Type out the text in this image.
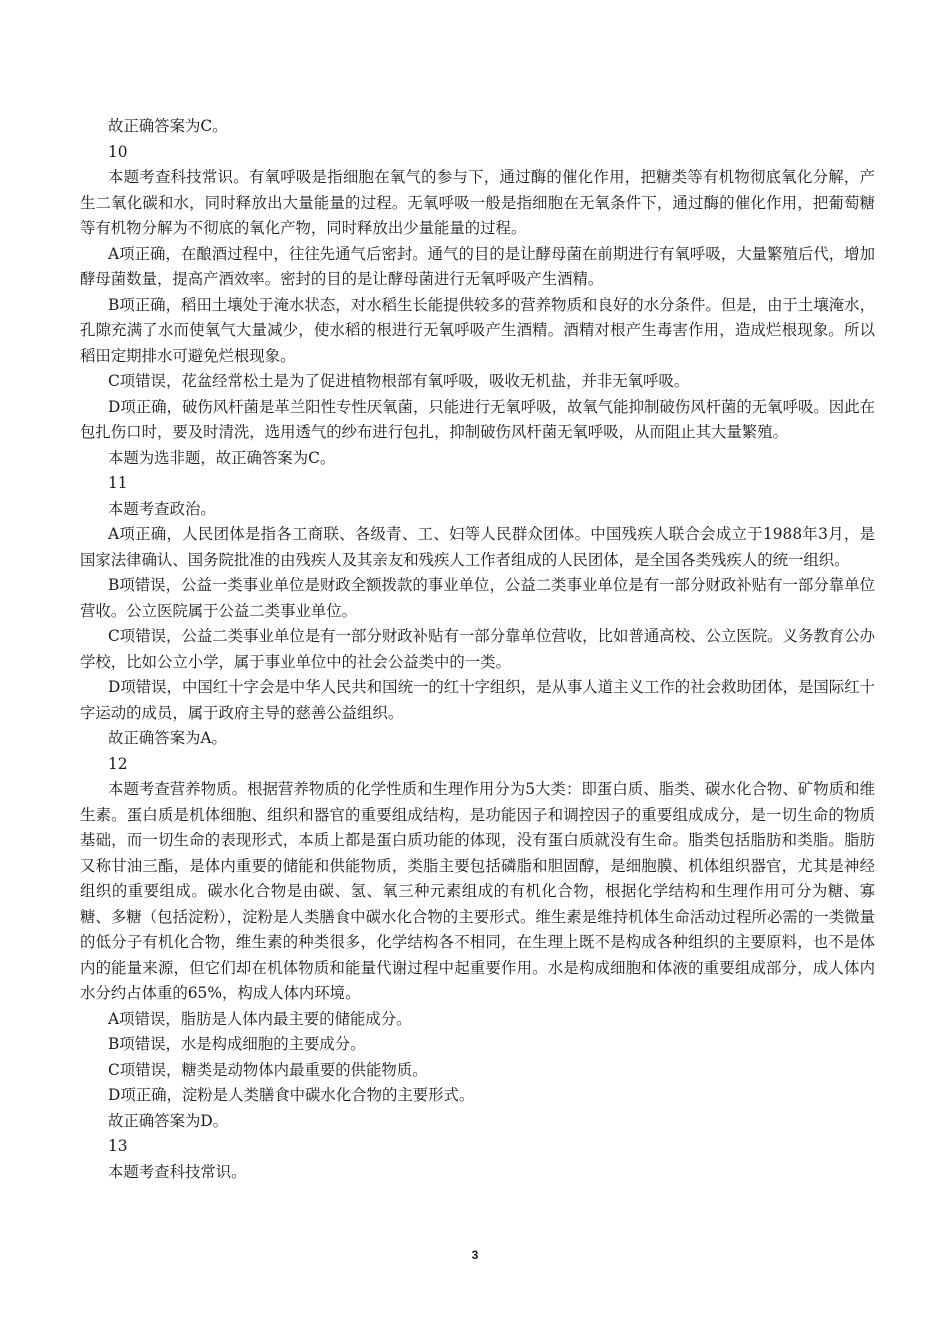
故正确答案为C。

10

本题考查科技常识。有氧呼吸是指细胞在氧气的参与下，通过酶的催化作用，把糖类等有机物彻底氧化分解，产生二氧化碳和水，同时释放出大量能量的过程。无氧呼吸一般是指细胞在无氧条件下，通过酶的催化作用，把葡萄糖等有机物分解为不彻底的氧化产物，同时释放出少量能量的过程。

A项正确，在酿酒过程中，往往先通气后密封。通气的目的是让酵母菌在前期进行有氧呼吸，大量繁殖后代，增加酵母菌数量，提高产酒效率。密封的目的是让酵母菌进行无氧呼吸产生酒精。

B项正确，稻田土壤处于淹水状态，对水稻生长能提供较多的营养物质和良好的水分条件。但是，由于土壤淹水，孔隙充满了水而使氧气大量减少，使水稻的根进行无氧呼吸产生酒精。酒精对根产生毒害作用，造成烂根现象。所以稻田定期排水可避免烂根现象。

C项错误，花盆经常松土是为了促进植物根部有氧呼吸，吸收无机盐，并非无氧呼吸。

D项正确，破伤风杆菌是革兰阳性专性厌氧菌，只能进行无氧呼吸，故氧气能抑制破伤风杆菌的无氧呼吸。因此在包扎伤口时，要及时清洗，选用透气的纱布进行包扎，抑制破伤风杆菌无氧呼吸，从而阻止其大量繁殖。

本题为选非题，故正确答案为C。

11

本题考查政治。

A项正确，人民团体是指各工商联、各级青、工、妇等人民群众团体。中国残疾人联合会成立于1988年3月，是国家法律确认、国务院批准的由残疾人及其亲友和残疾人工作者组成的人民团体，是全国各类残疾人的统一组织。

B项错误，公益一类事业单位是财政全额拨款的事业单位，公益二类事业单位是有一部分财政补贴有一部分靠单位营收。公立医院属于公益二类事业单位。

C项错误，公益二类事业单位是有一部分财政补贴有一部分靠单位营收，比如普通高校、公立医院。义务教育公办学校，比如公立小学，属于事业单位中的社会公益类中的一类。

D项错误，中国红十字会是中华人民共和国统一的红十字组织，是从事人道主义工作的社会救助团体，是国际红十字运动的成员，属于政府主导的慈善公益组织。

故正确答案为A。

12

本题考查营养物质。根据营养物质的化学性质和生理作用分为5大类：即蛋白质、脂类、碳水化合物、矿物质和维生素。蛋白质是机体细胞、组织和器官的重要组成结构，是功能因子和调控因子的重要组成成分，是一切生命的物质基础，而一切生命的表现形式，本质上都是蛋白质功能的体现，没有蛋白质就没有生命。脂类包括脂肪和类脂。脂肪又称甘油三酯，是体内重要的储能和供能物质，类脂主要包括磷脂和胆固醇，是细胞膜、机体组织器官，尤其是神经组织的重要组成。碳水化合物是由碳、氢、氧三种元素组成的有机化合物，根据化学结构和生理作用可分为糖、寡糖、多糖（包括淀粉），淀粉是人类膳食中碳水化合物的主要形式。维生素是维持机体生命活动过程所必需的一类微量的低分子有机化合物，维生素的种类很多，化学结构各不相同，在生理上既不是构成各种组织的主要原料，也不是体内的能量来源，但它们却在机体物质和能量代谢过程中起重要作用。水是构成细胞和体液的重要组成部分，成人体内水分约占体重的65%，构成人体内环境。

A项错误，脂肪是人体内最主要的储能成分。

B项错误，水是构成细胞的主要成分。

C项错误，糖类是动物体内最重要的供能物质。

D项正确，淀粉是人类膳食中碳水化合物的主要形式。

故正确答案为D。

13

本题考查科技常识。

3
